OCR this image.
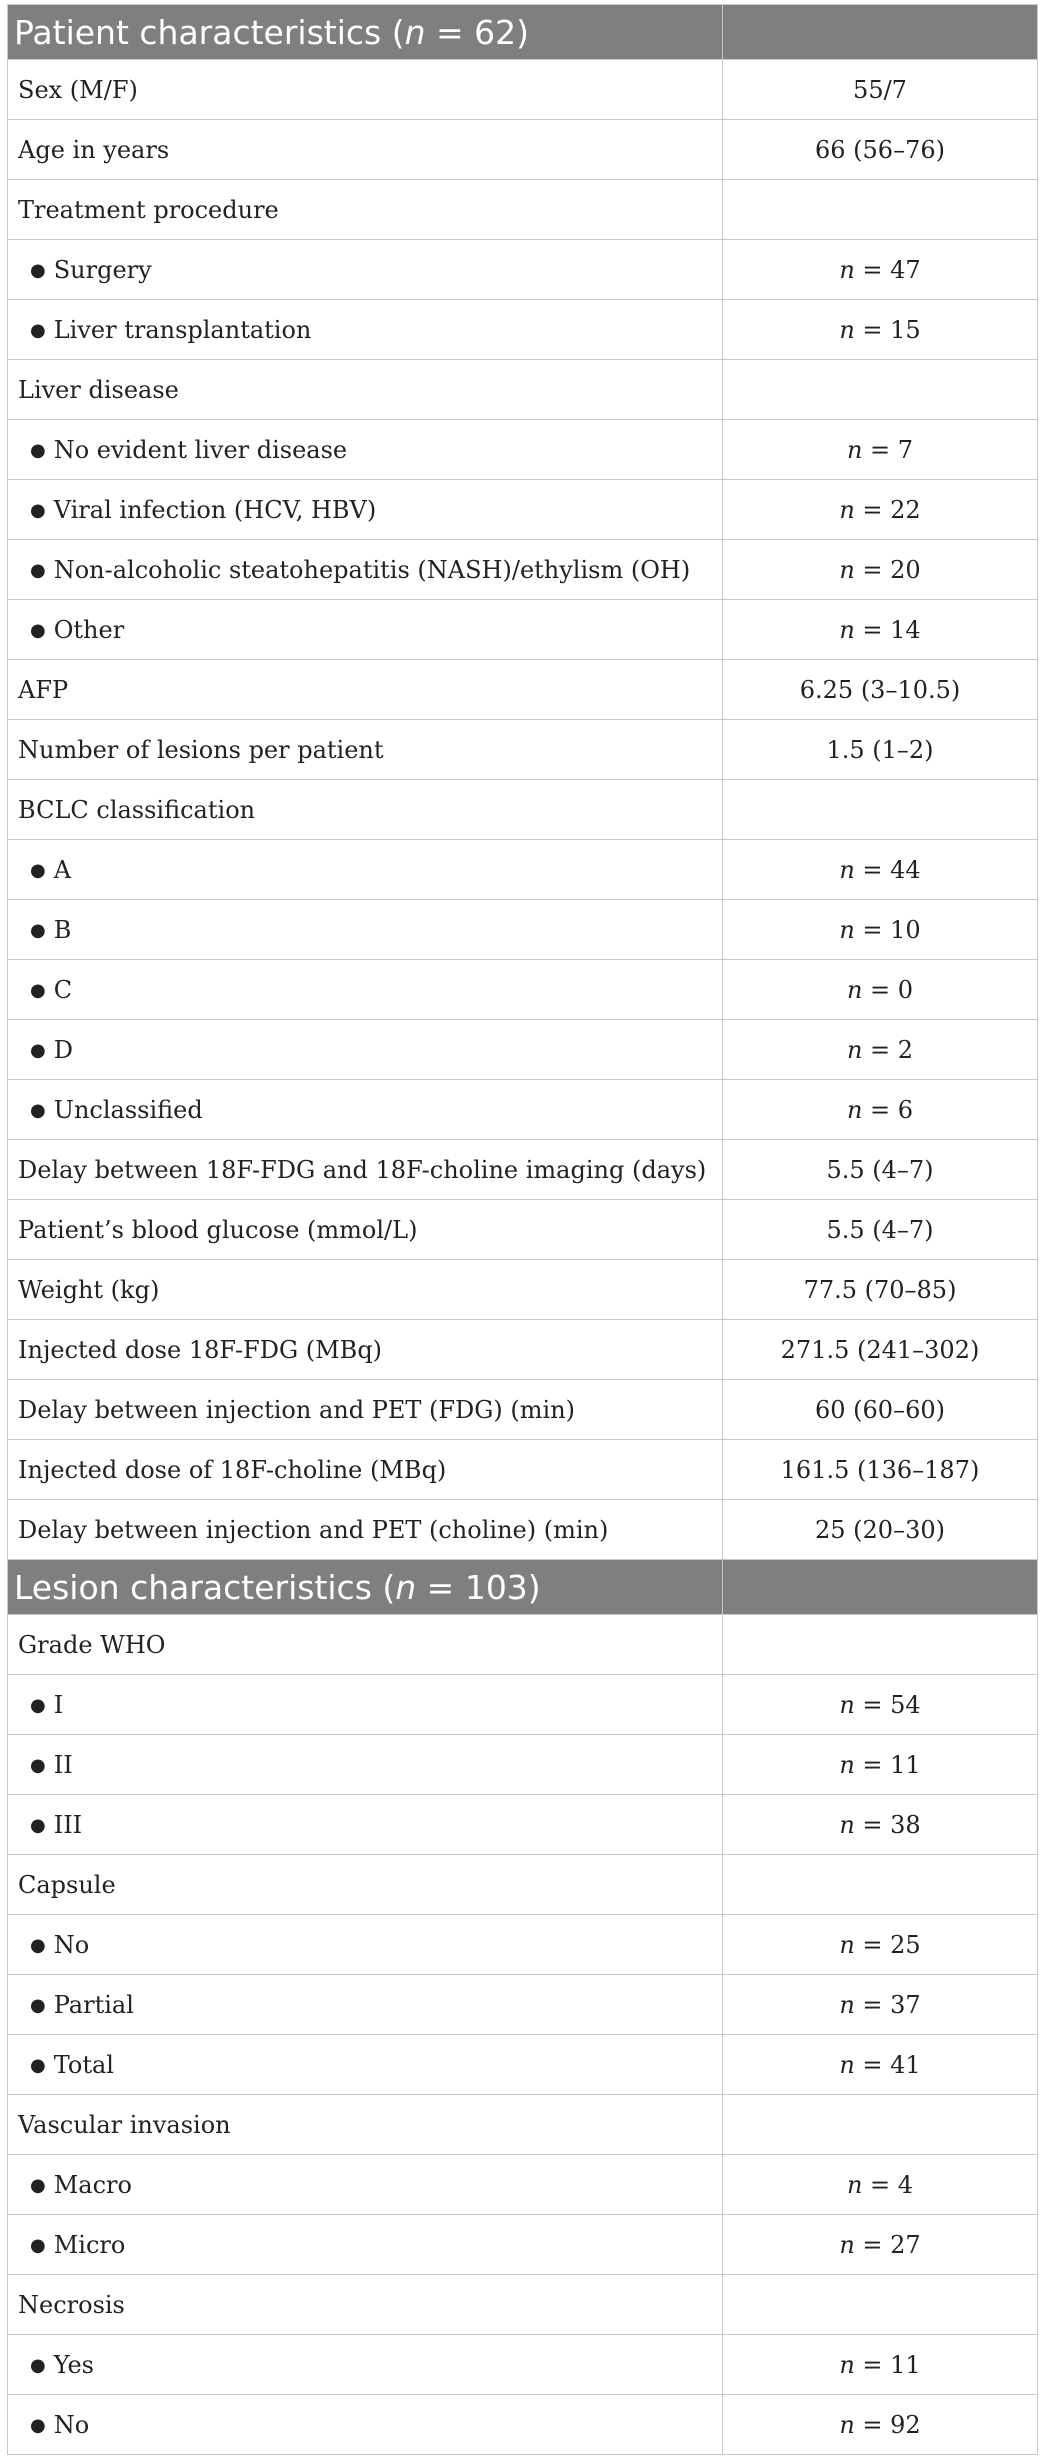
Patient characteristics (n = 62)	
Sex (M/F)	55/7
Age in years	66 (56–76)
Treatment procedure	
● Surgery	n = 47
● Liver transplantation	n = 15
Liver disease	
● No evident liver disease	n = 7
● Viral infection (HCV, HBV)	n = 22
● Non-alcoholic steatohepatitis (NASH)/ethylism (OH)	n = 20
● Other	n = 14
AFP	6.25 (3–10.5)
Number of lesions per patient	1.5 (1–2)
BCLC classification	
● A	n = 44
● B	n = 10
● C	n = 0
● D	n = 2
● Unclassified	n = 6
Delay between 18F-FDG and 18F-choline imaging (days)	5.5 (4–7)
Patient’s blood glucose (mmol/L)	5.5 (4–7)
Weight (kg)	77.5 (70–85)
Injected dose 18F-FDG (MBq)	271.5 (241–302)
Delay between injection and PET (FDG) (min)	60 (60–60)
Injected dose of 18F-choline (MBq)	161.5 (136–187)
Delay between injection and PET (choline) (min)	25 (20–30)
Lesion characteristics (n = 103)	
Grade WHO	
● I	n = 54
● II	n = 11
● III	n = 38
Capsule	
● No	n = 25
● Partial	n = 37
● Total	n = 41
Vascular invasion	
● Macro	n = 4
● Micro	n = 27
Necrosis	
● Yes	n = 11
● No	n = 92
